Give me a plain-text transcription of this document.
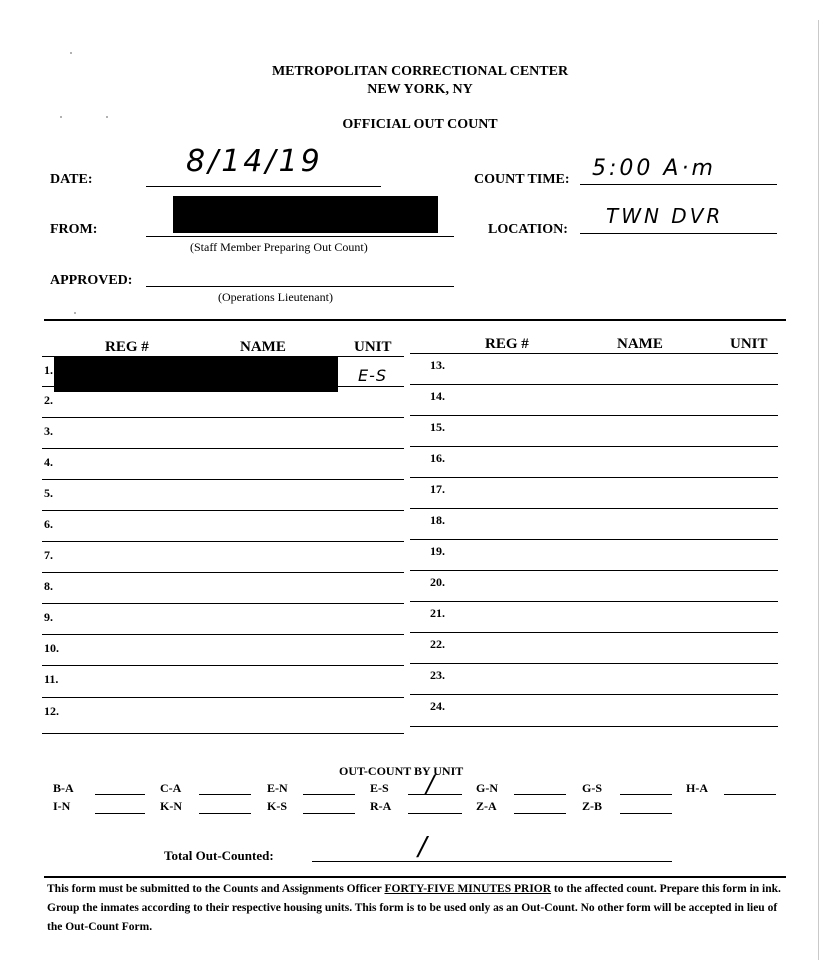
METROPOLITAN CORRECTIONAL CENTER
NEW YORK, NY
OFFICIAL OUT COUNT
DATE:
8/14/19
COUNT TIME: 5:00 A·m
FROM:
(Staff Member Preparing Out Count)
LOCATION:
TWN DVR
APPROVED:
(Operations Lieutenant)
REG #	NAME	UNIT	REG #	NAME	UNIT
1.	E-S
2.
3.
4.
5.
6.
7.
8.
9.
10.
11.
12.
13.
14.
15.
16.
17.
18.
19.
20.
21.
22.
23.
24.
OUT-COUNT BY UNIT
B-A	C-A	E-N	E-S /	G-N	G-S	H-A
I-N	K-N	K-S	R-A	Z-A	Z-B
Total Out-Counted:	/
This form must be submitted to the Counts and Assignments Officer FORTY-FIVE MINUTES PRIOR to the affected count. Prepare this form in ink. Group the inmates according to their respective housing units. This form is to be used only as an Out-Count. No other form will be accepted in lieu of the Out-Count Form.
